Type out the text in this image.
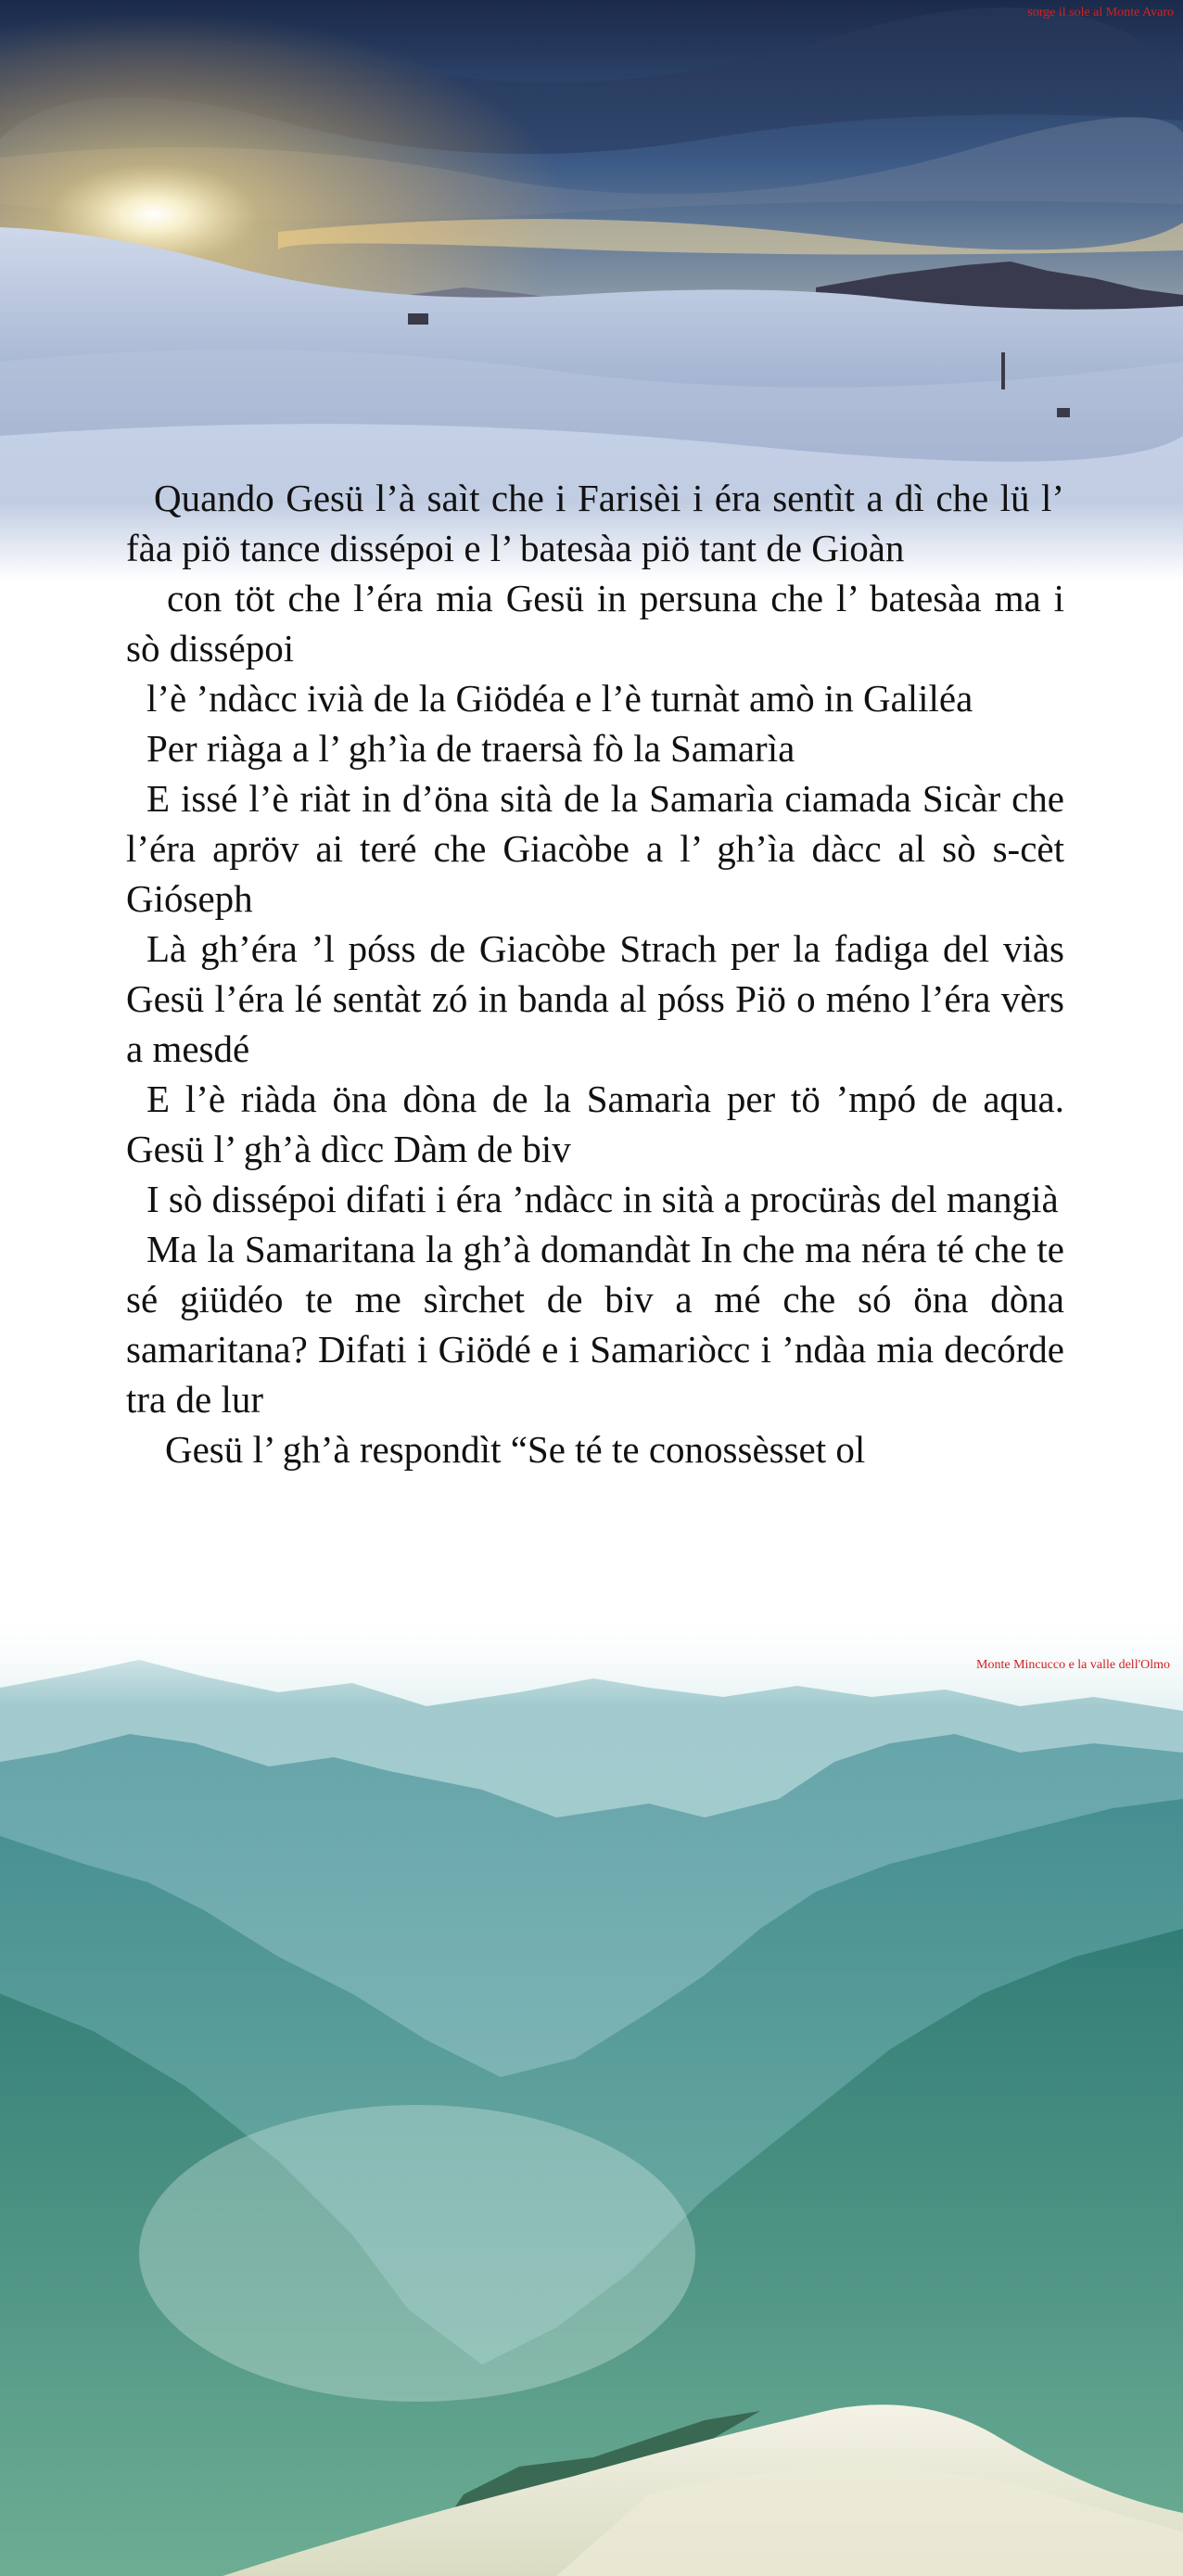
sorge il sole al Monte Avaro
Monte Mincucco e la valle dell'Olmo

Quando Gesü l’à saìt che i Farisèi i éra sentìt a dì che lü l’ fàa piö tance dissépoi e l’ batesàa piö tant de Gioàn

con töt che l’éra mia Gesü in persuna che l’ batesàa ma i sò dissépoi

l’è ’ndàcc ivià de la Giödéa e l’è turnàt amò in Galiléa

Per riàga a l’ gh’ìa de traersà fò la Samarìa

E issé l’è riàt in d’öna sità de la Samarìa ciamada Sicàr che l’éra apröv ai teré che Giacòbe a l’ gh’ìa dàcc al sò s-cèt Gióseph

Là gh’éra ’l póss de Giacòbe Strach per la fadiga del viàs Gesü l’éra lé sentàt zó in banda al póss Piö o méno l’éra vèrs a mesdé

E l’è riàda öna dòna de la Samarìa per tö ’mpó de aqua. Gesü l’ gh’à dìcc Dàm de biv

I sò dissépoi difati i éra ’ndàcc in sità a procüràs del mangià

Ma la Samaritana la gh’à domandàt In che ma néra té che te sé giüdéo te me sìrchet de biv a mé che só öna dòna samaritana? Difati i Giödé e i Samariòcc i ’ndàa mia decórde tra de lur

Gesü l’ gh’à respondìt “Se té te conossèsset ol
